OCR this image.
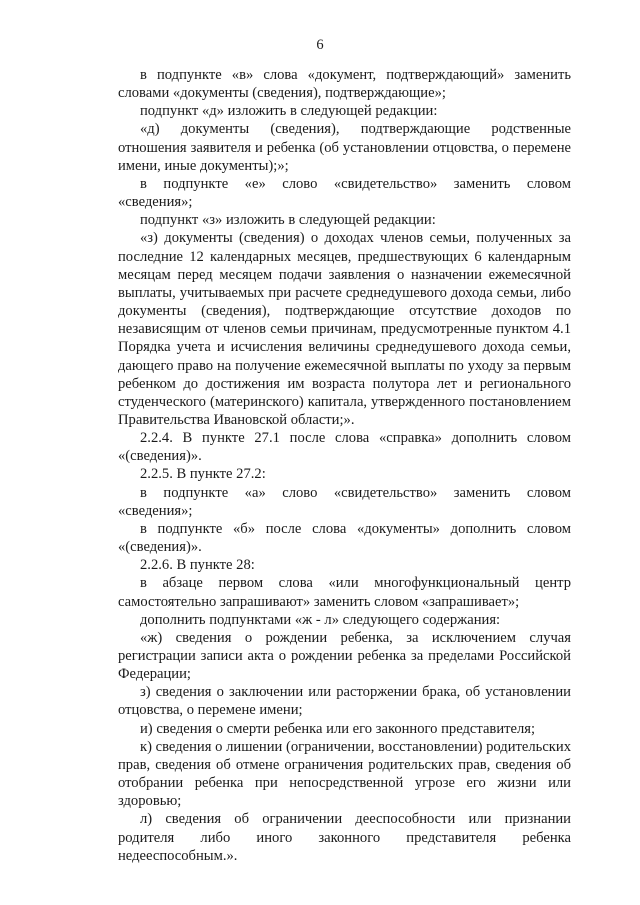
6

в подпункте «в» слова «документ, подтверждающий» заменить словами «документы (сведения), подтверждающие»;

подпункт «д» изложить в следующей редакции:

«д) документы (сведения), подтверждающие родственные отношения заявителя и ребенка (об установлении отцовства, о перемене имени, иные документы);»;

в подпункте «е» слово «свидетельство» заменить словом «сведения»;

подпункт «з» изложить в следующей редакции:

«з) документы (сведения) о доходах членов семьи, полученных за последние 12 календарных месяцев, предшествующих 6 календарным месяцам перед месяцем подачи заявления о назначении ежемесячной выплаты, учитываемых при расчете среднедушевого дохода семьи, либо документы (сведения), подтверждающие отсутствие доходов по независящим от членов семьи причинам, предусмотренные пунктом 4.1 Порядка учета и исчисления величины среднедушевого дохода семьи, дающего право на получение ежемесячной выплаты по уходу за первым ребенком до достижения им возраста полутора лет и регионального студенческого (материнского) капитала, утвержденного постановлением Правительства Ивановской области;».

2.2.4. В пункте 27.1 после слова «справка» дополнить словом «(сведения)».

2.2.5. В пункте 27.2:

в подпункте «а» слово «свидетельство» заменить словом «сведения»;

в подпункте «б» после слова «документы» дополнить словом «(сведения)».

2.2.6. В пункте 28:

в абзаце первом слова «или многофункциональный центр самостоятельно запрашивают» заменить словом «запрашивает»;

дополнить подпунктами «ж - л» следующего содержания:

«ж) сведения о рождении ребенка, за исключением случая регистрации записи акта о рождении ребенка за пределами Российской Федерации;

з) сведения о заключении или расторжении брака, об установлении отцовства, о перемене имени;

и) сведения о смерти ребенка или его законного представителя;

к) сведения о лишении (ограничении, восстановлении) родительских прав, сведения об отмене ограничения родительских прав, сведения об отобрании ребенка при непосредственной угрозе его жизни или здоровью;

л) сведения об ограничении дееспособности или признании родителя либо иного законного представителя ребенка недееспособным.».
